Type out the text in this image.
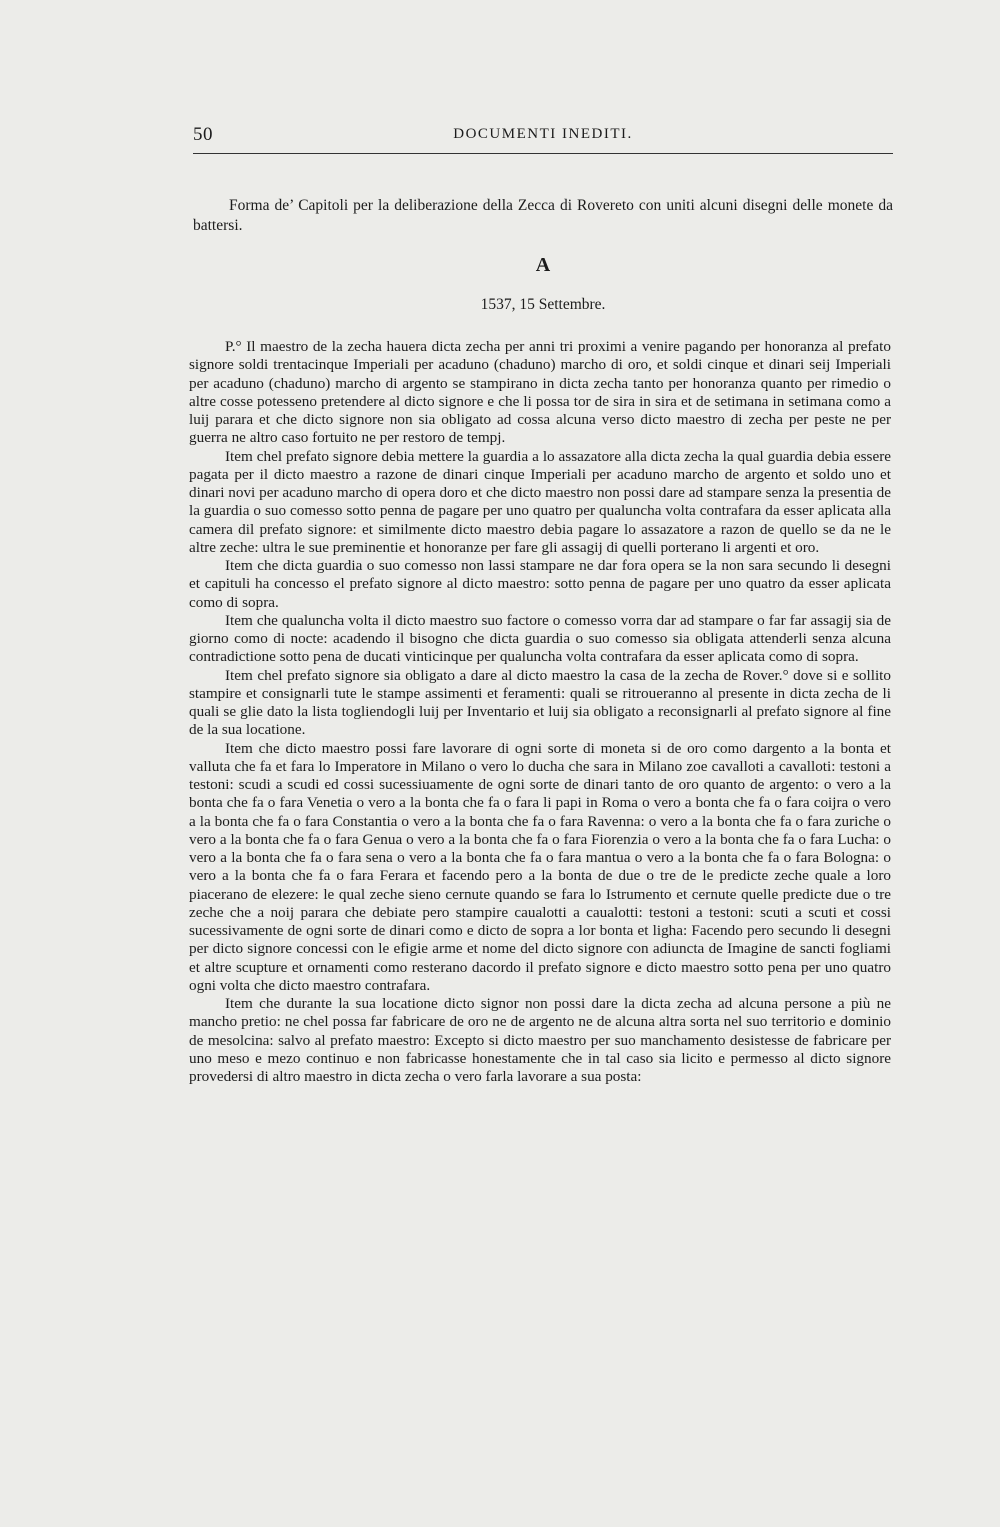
50	DOCUMENTI INEDITI.
Forma de’ Capitoli per la deliberazione della Zecca di Rovereto con uniti alcuni disegni delle monete da battersi.
A
1537, 15 Settembre.

P.° Il maestro de la zecha hauera dicta zecha per anni tri proximi a venire pagando per honoranza al prefato signore soldi trentacinque Imperiali per acaduno (chaduno) marcho di oro, et soldi cinque et dinari seij Imperiali per acaduno (chaduno) marcho di argento se stampirano in dicta zecha tanto per honoranza quanto per rimedio o altre cosse potesseno pretendere al dicto signore e che li possa tor de sira in sira et de setimana in setimana como a luij parara et che dicto signore non sia obligato ad cossa alcuna verso dicto maestro di zecha per peste ne per guerra ne altro caso fortuito ne per restoro de tempj.

Item chel prefato signore debia mettere la guardia a lo assazatore alla dicta zecha la qual guardia debia essere pagata per il dicto maestro a razone de dinari cinque Imperiali per acaduno marcho de argento et soldo uno et dinari novi per acaduno marcho di opera doro et che dicto maestro non possi dare ad stampare senza la presentia de la guardia o suo comesso sotto penna de pagare per uno quatro per qualuncha volta contrafara da esser aplicata alla camera dil prefato signore: et similmente dicto maestro debia pagare lo assazatore a razon de quello se da ne le altre zeche: ultra le sue preminentie et honoranze per fare gli assagij di quelli porterano li argenti et oro.

Item che dicta guardia o suo comesso non lassi stampare ne dar fora opera se la non sara secundo li desegni et capituli ha concesso el prefato signore al dicto maestro: sotto penna de pagare per uno quatro da esser aplicata como di sopra.

Item che qualuncha volta il dicto maestro suo factore o comesso vorra dar ad stampare o far far assagij sia de giorno como di nocte: acadendo il bisogno che dicta guardia o suo comesso sia obligata attenderli senza alcuna contradictione sotto pena de ducati vinticinque per qualuncha volta contrafara da esser aplicata como di sopra.

Item chel prefato signore sia obligato a dare al dicto maestro la casa de la zecha de Rover.° dove si e sollito stampire et consignarli tute le stampe assimenti et feramenti: quali se ritroueranno al presente in dicta zecha de li quali se glie dato la lista togliendogli luij per Inventario et luij sia obligato a reconsignarli al prefato signore al fine de la sua locatione.

Item che dicto maestro possi fare lavorare di ogni sorte di moneta si de oro como dargento a la bonta et valluta che fa et fara lo Imperatore in Milano o vero lo ducha che sara in Milano zoe cavalloti a cavalloti: testoni a testoni: scudi a scudi ed cossi sucessiuamente de ogni sorte de dinari tanto de oro quanto de argento: o vero a la bonta che fa o fara Venetia o vero a la bonta che fa o fara li papi in Roma o vero a bonta che fa o fara coijra o vero a la bonta che fa o fara Constantia o vero a la bonta che fa o fara Ravenna: o vero a la bonta che fa o fara zuriche o vero a la bonta che fa o fara Genua o vero a la bonta che fa o fara Fiorenzia o vero a la bonta che fa o fara Lucha: o vero a la bonta che fa o fara sena o vero a la bonta che fa o fara mantua o vero a la bonta che fa o fara Bologna: o vero a la bonta che fa o fara Ferara et facendo pero a la bonta de due o tre de le predicte zeche quale a loro piacerano de elezere: le qual zeche sieno cernute quando se fara lo Istrumento et cernute quelle predicte due o tre zeche che a noij parara che debiate pero stampire caualotti a caualotti: testoni a testoni: scuti a scuti et cossi sucessivamente de ogni sorte de dinari como e dicto de sopra a lor bonta et ligha: Facendo pero secundo li desegni per dicto signore concessi con le efigie arme et nome del dicto signore con adiuncta de Imagine de sancti fogliami et altre scupture et ornamenti como resterano dacordo il prefato signore e dicto maestro sotto pena per uno quatro ogni volta che dicto maestro contrafara.

Item che durante la sua locatione dicto signor non possi dare la dicta zecha ad alcuna persone a più ne mancho pretio: ne chel possa far fabricare de oro ne de argento ne de alcuna altra sorta nel suo territorio e dominio de mesolcina: salvo al prefato maestro: Excepto si dicto maestro per suo manchamento desistesse de fabricare per uno meso e mezo continuo e non fabricasse honestamente che in tal caso sia licito e permesso al dicto signore provedersi di altro maestro in dicta zecha o vero farla lavorare a sua posta:
